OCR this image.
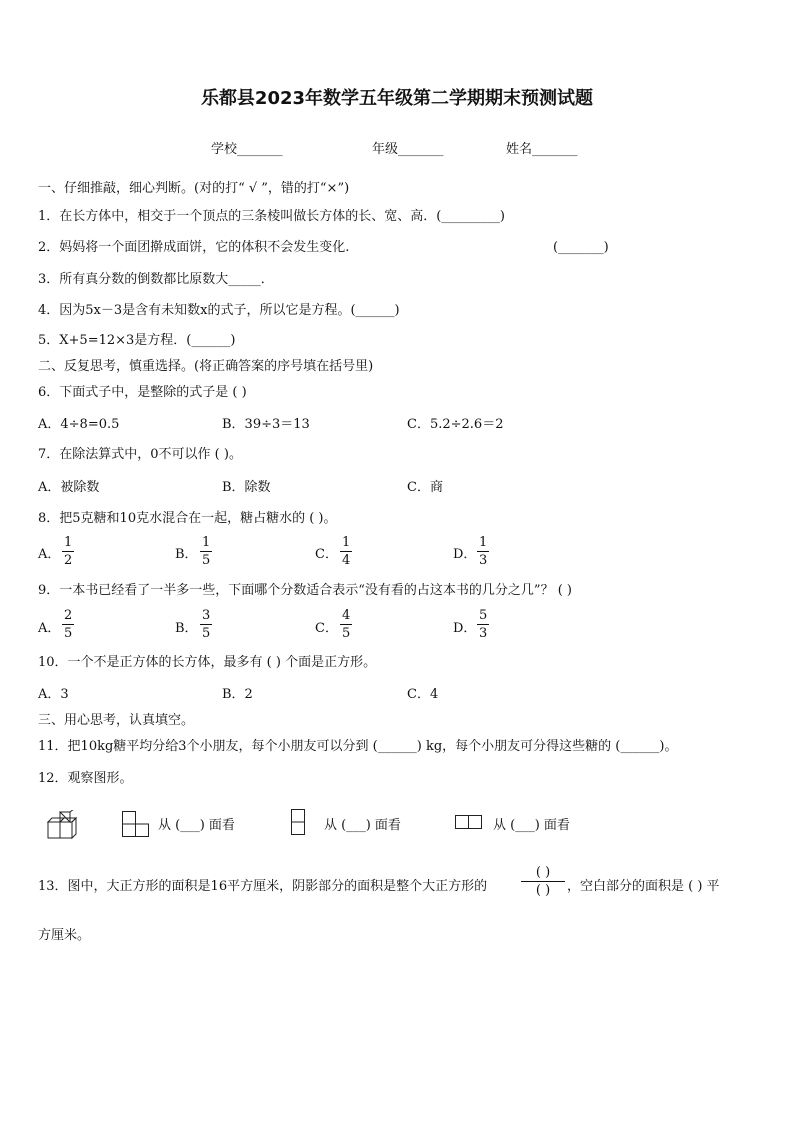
乐都县2023年数学五年级第二学期期末预测试题
学校_______	年级_______	姓名_______
一、仔细推敲，细心判断。(对的打“ √ ”，错的打“×”)
1．在长方体中，相交于一个顶点的三条棱叫做长方体的长、宽、高．(_________)
2．妈妈将一个面团擀成面饼，它的体积不会发生变化.	(_______)
3．所有真分数的倒数都比原数大_____．
4．因为5x－3是含有未知数x的式子，所以它是方程。(______)
5．X+5=12×3是方程．(______)
二、反复思考，慎重选择。(将正确答案的序号填在括号里)
6．下面式子中，是整除的式子是 ( )
A．4÷8=0.5	B．39÷3＝13	C．5.2÷2.6＝2
7．在除法算式中，0不可以作 ( )。
A．被除数	B．除数	C．商
8．把5克糖和10克水混合在一起，糖占糖水的 ( )。
A． $\frac{1}{2}$	B． $\frac{1}{5}$	C． $\frac{1}{4}$	D． $\frac{1}{3}$
9．一本书已经看了一半多一些，下面哪个分数适合表示“没有看的占这本书的几分之几”？ ( )
A． $\frac{2}{5}$	B． $\frac{3}{5}$	C． $\frac{4}{5}$	D． $\frac{5}{3}$
10．一个不是正方体的长方体，最多有 ( ) 个面是正方形。
A．3	B．2	C．4
三、用心思考，认真填空。
11．把10kg糖平均分给3个小朋友，每个小朋友可以分到 (______) kg，每个小朋友可分得这些糖的 (______)。
12．观察图形。
从 (___) 面看	从 (___) 面看	从 (___) 面看
13．图中，大正方形的面积是16平方厘米，阴影部分的面积是整个大正方形的
( )
( )	，空白部分的面积是 ( ) 平
方厘米。
